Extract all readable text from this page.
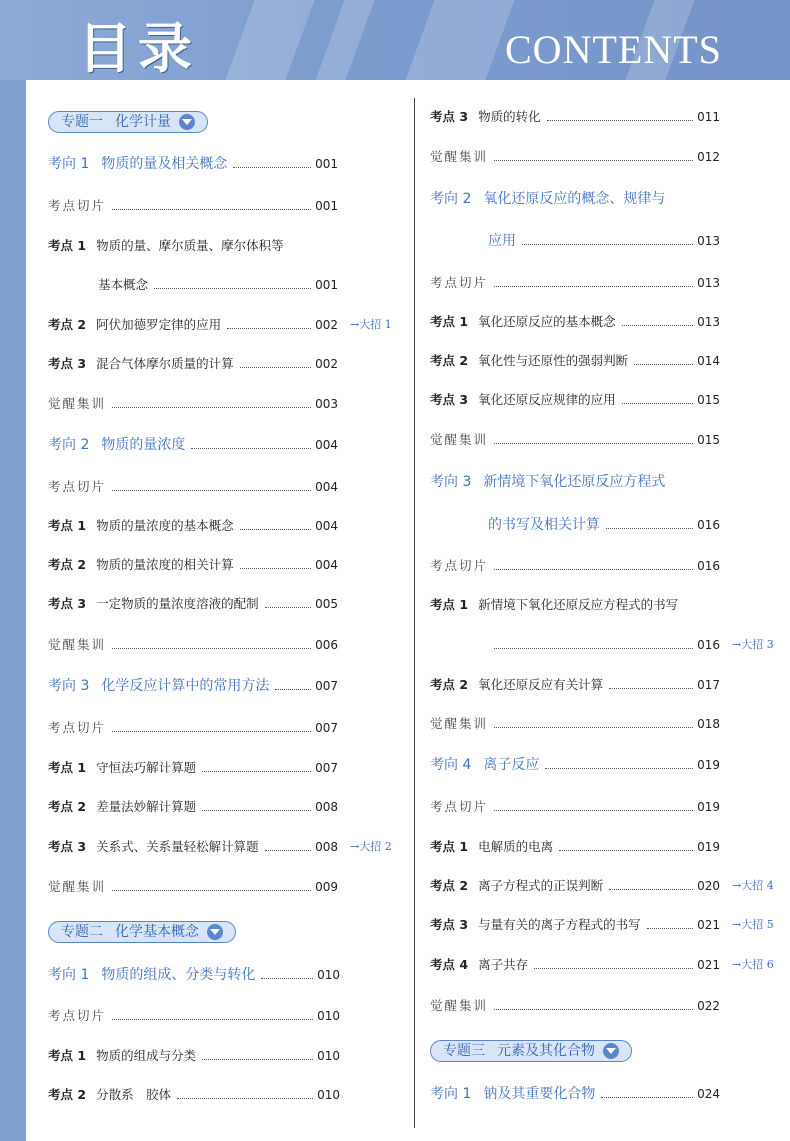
目录	CONTENTS
专题一 化学计量
考向 1 物质的量及相关概念	001
考点切片	001
考点 1 物质的量、摩尔质量、摩尔体积等
基本概念	001
考点 2 阿伏加德罗定律的应用	002 →大招 1
考点 3 混合气体摩尔质量的计算	002
觉醒集训	003
考向 2 物质的量浓度	004
考点切片	004
考点 1 物质的量浓度的基本概念	004
考点 2 物质的量浓度的相关计算	004
考点 3 一定物质的量浓度溶液的配制	005
觉醒集训	006
考向 3 化学反应计算中的常用方法	007
考点切片	007
考点 1 守恒法巧解计算题	007
考点 2 差量法妙解计算题	008
考点 3 关系式、关系量轻松解计算题	008 →大招 2
觉醒集训	009
考向 1 物质的组成、分类与转化	010
考点切片	010
考点 1 物质的组成与分类	010
考点 2 分散系　胶体	010
专题二 化学基本概念
专题三 元素及其化合物
考点 3 物质的转化	011
觉醒集训	012
考向 2 氧化还原反应的概念、规律与
应用	013
考点切片	013
考点 1 氧化还原反应的基本概念	013
考点 2 氧化性与还原性的强弱判断	014
考点 3 氧化还原反应规律的应用	015
觉醒集训	015
考向 3 新情境下氧化还原反应方程式
的书写及相关计算	016
考点切片	016
考点 1 新情境下氧化还原反应方程式的书写
016 →大招 3
考点 2 氧化还原反应有关计算	017
觉醒集训	018
考向 4 离子反应	019
考点切片	019
考点 1 电解质的电离	019
考点 2 离子方程式的正误判断	020 →大招 4
考点 3 与量有关的离子方程式的书写	021 →大招 5
考点 4 离子共存	021 →大招 6
觉醒集训	022
考向 1 钠及其重要化合物	024
